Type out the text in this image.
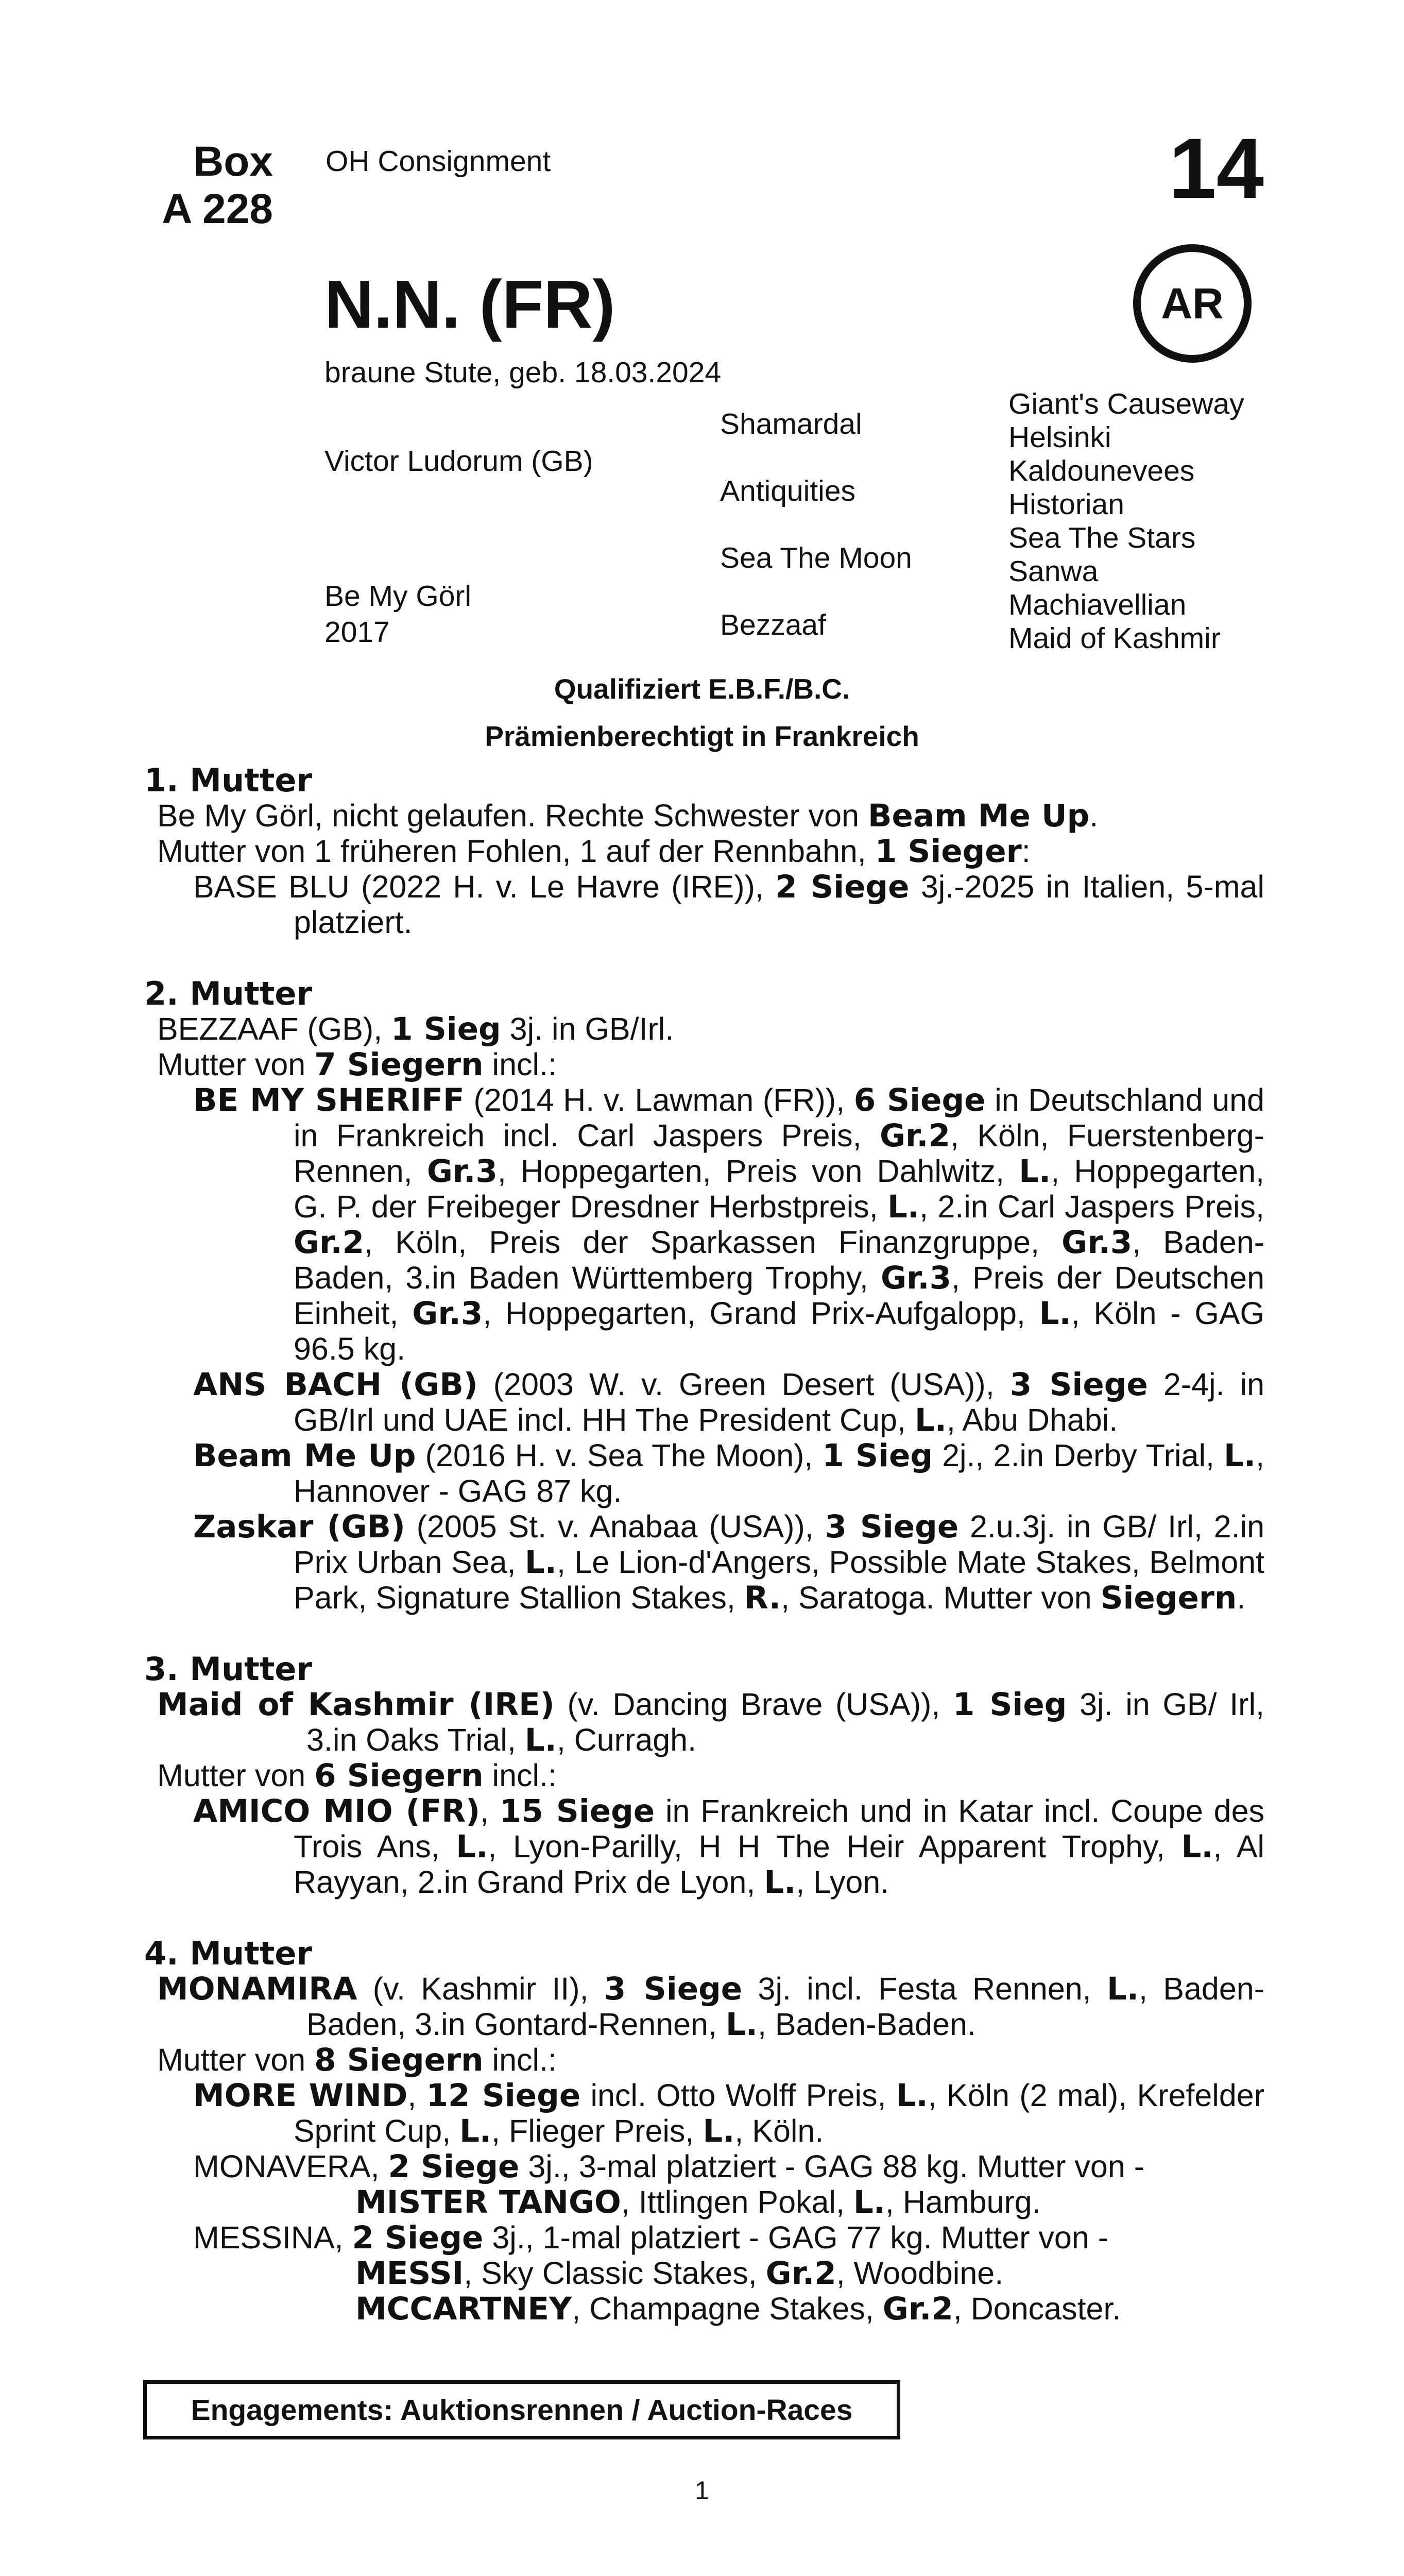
Box
A 228
OH Consignment	14
N.N. (FR)	AR
braune Stute, geb. 18.03.2024
Victor Ludorum (GB)
Be My Görl
2017
Shamardal
Antiquities
Sea The Moon
Bezzaaf
Giant's Causeway
Helsinki
Kaldounevees
Historian
Sea The Stars
Sanwa
Machiavellian
Maid of Kashmir
Qualifiziert E.B.F./B.C.
Prämienberechtigt in Frankreich
1. Mutter
Be My Görl, nicht gelaufen. Rechte Schwester von Beam Me Up.
Mutter von 1 früheren Fohlen, 1 auf der Rennbahn, 1 Sieger:
BASE BLU (2022 H. v. Le Havre (IRE)), 2 Siege 3j.-2025 in Italien, 5-mal platziert.
2. Mutter
BEZZAAF (GB), 1 Sieg 3j. in GB/Irl.
Mutter von 7 Siegern incl.:
BE MY SHERIFF (2014 H. v. Lawman (FR)), 6 Siege in Deutschland und in Frankreich incl. Carl Jaspers Preis, Gr.2, Köln, Fuerstenberg-Rennen, Gr.3, Hoppegarten, Preis von Dahlwitz, L., Hoppegarten, G. P. der Freibeger Dresdner Herbstpreis, L., 2.in Carl Jaspers Preis, Gr.2, Köln, Preis der Sparkassen Finanzgruppe, Gr.3, Baden-Baden, 3.in Baden Württemberg Trophy, Gr.3, Preis der Deutschen Einheit, Gr.3, Hoppegarten, Grand Prix-Aufgalopp, L., Köln - GAG 96.5 kg.
ANS BACH (GB) (2003 W. v. Green Desert (USA)), 3 Siege 2-4j. in GB/Irl und UAE incl. HH The President Cup, L., Abu Dhabi.
Beam Me Up (2016 H. v. Sea The Moon), 1 Sieg 2j., 2.in Derby Trial, L., Hannover - GAG 87 kg.
Zaskar (GB) (2005 St. v. Anabaa (USA)), 3 Siege 2.u.3j. in GB/ Irl, 2.in Prix Urban Sea, L., Le Lion-d'Angers, Possible Mate Stakes, Belmont Park, Signature Stallion Stakes, R., Saratoga. Mutter von Siegern.
3. Mutter
Maid of Kashmir (IRE) (v. Dancing Brave (USA)), 1 Sieg 3j. in GB/ Irl, 3.in Oaks Trial, L., Curragh.
Mutter von 6 Siegern incl.:
AMICO MIO (FR), 15 Siege in Frankreich und in Katar incl. Coupe des Trois Ans, L., Lyon-Parilly, H H The Heir Apparent Trophy, L., Al Rayyan, 2.in Grand Prix de Lyon, L., Lyon.
4. Mutter
MONAMIRA (v. Kashmir II), 3 Siege 3j. incl. Festa Rennen, L., Baden-Baden, 3.in Gontard-Rennen, L., Baden-Baden.
Mutter von 8 Siegern incl.:
MORE WIND, 12 Siege incl. Otto Wolff Preis, L., Köln (2 mal), Krefelder Sprint Cup, L., Flieger Preis, L., Köln.
MONAVERA, 2 Siege 3j., 3-mal platziert - GAG 88 kg. Mutter von -
MISTER TANGO, Ittlingen Pokal, L., Hamburg.
MESSINA, 2 Siege 3j., 1-mal platziert - GAG 77 kg. Mutter von -
MESSI, Sky Classic Stakes, Gr.2, Woodbine.
MCCARTNEY, Champagne Stakes, Gr.2, Doncaster.
Engagements: Auktionsrennen / Auction-Races
1
